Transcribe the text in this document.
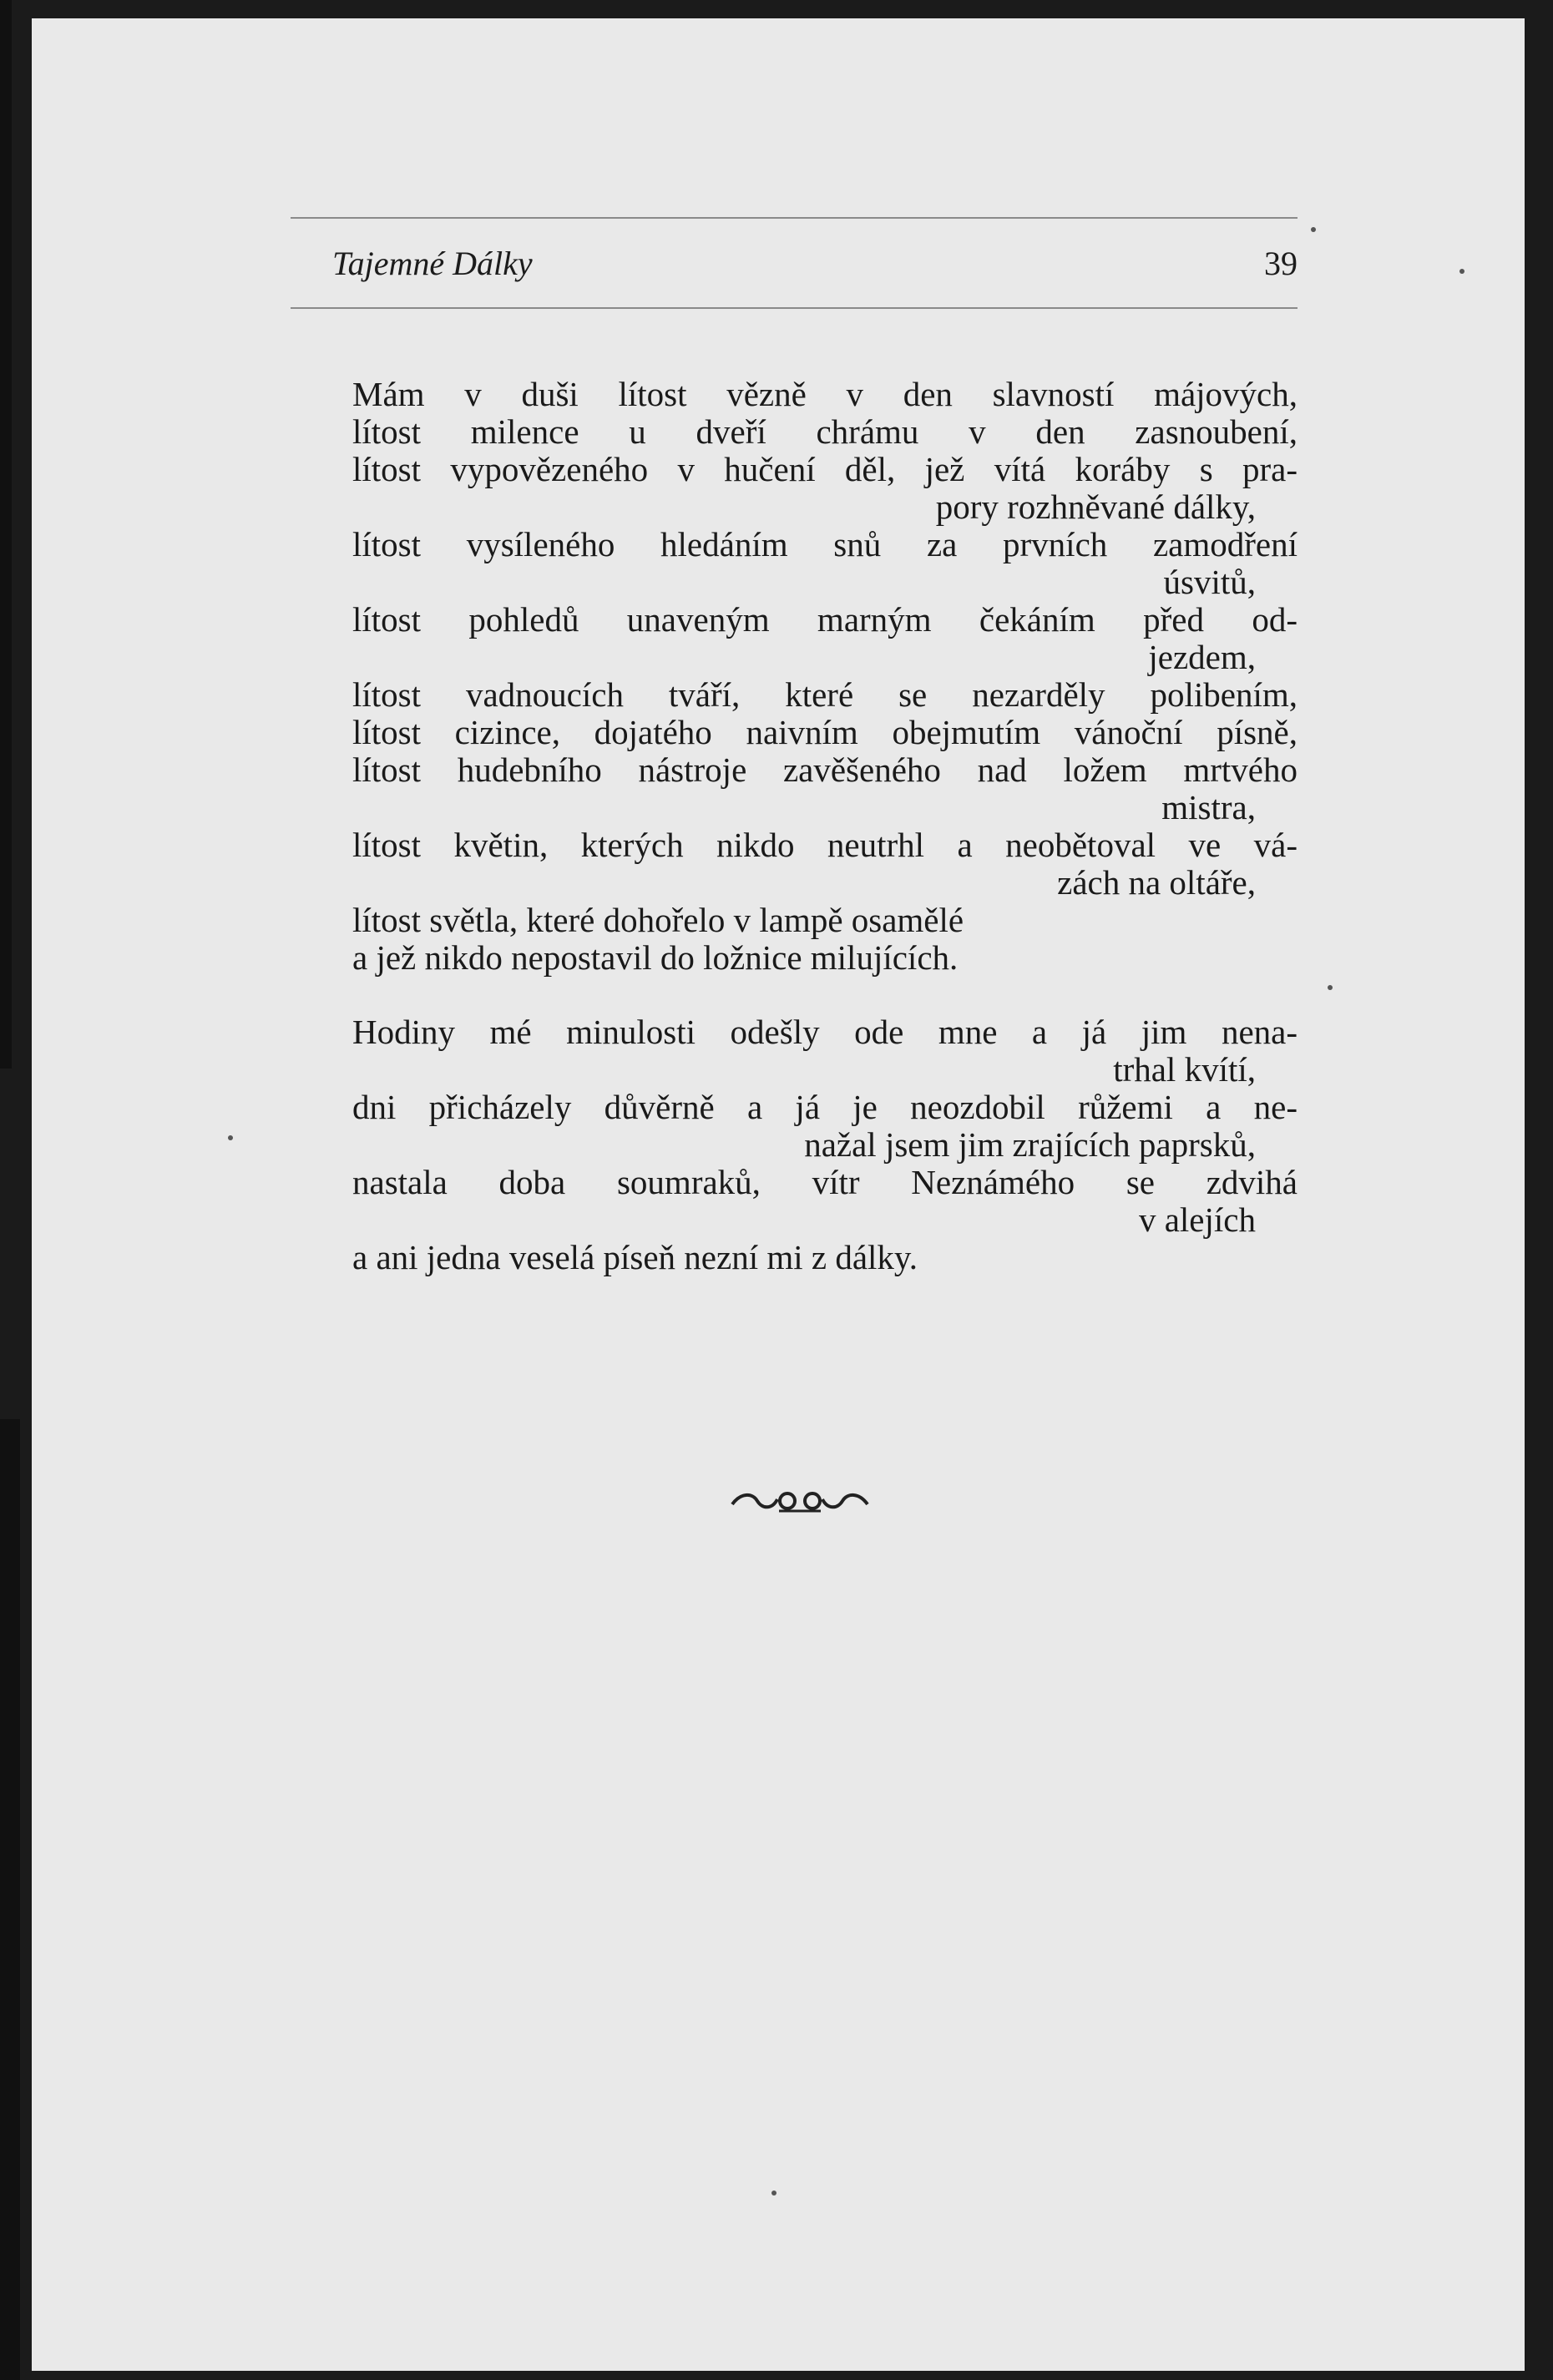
Tajemné Dálky	39
Mám v duši lítost vězně v den slavností májových,
lítost milence u dveří chrámu v den zasnoubení,
lítost vypovězeného v hučení děl, jež vítá koráby s pra-
pory rozhněvané dálky,
lítost vysíleného hledáním snů za prvních zamodření
úsvitů,
lítost pohledů unaveným marným čekáním před od-
jezdem,
lítost vadnoucích tváří, které se nezarděly polibením,
lítost cizince, dojatého naivním obejmutím vánoční písně,
lítost hudebního nástroje zavěšeného nad ložem mrtvého
mistra,
lítost květin, kterých nikdo neutrhl a neobětoval ve vá-
zách na oltáře,
lítost světla, které dohořelo v lampě osamělé
a jež nikdo nepostavil do ložnice milujících.
Hodiny mé minulosti odešly ode mne a já jim nena-
trhal kvítí,
dni přicházely důvěrně a já je neozdobil růžemi a ne-
nažal jsem jim zrajících paprsků,
nastala doba soumraků, vítr Neznámého se zdvihá
v alejích
a ani jedna veselá píseň nezní mi z dálky.
